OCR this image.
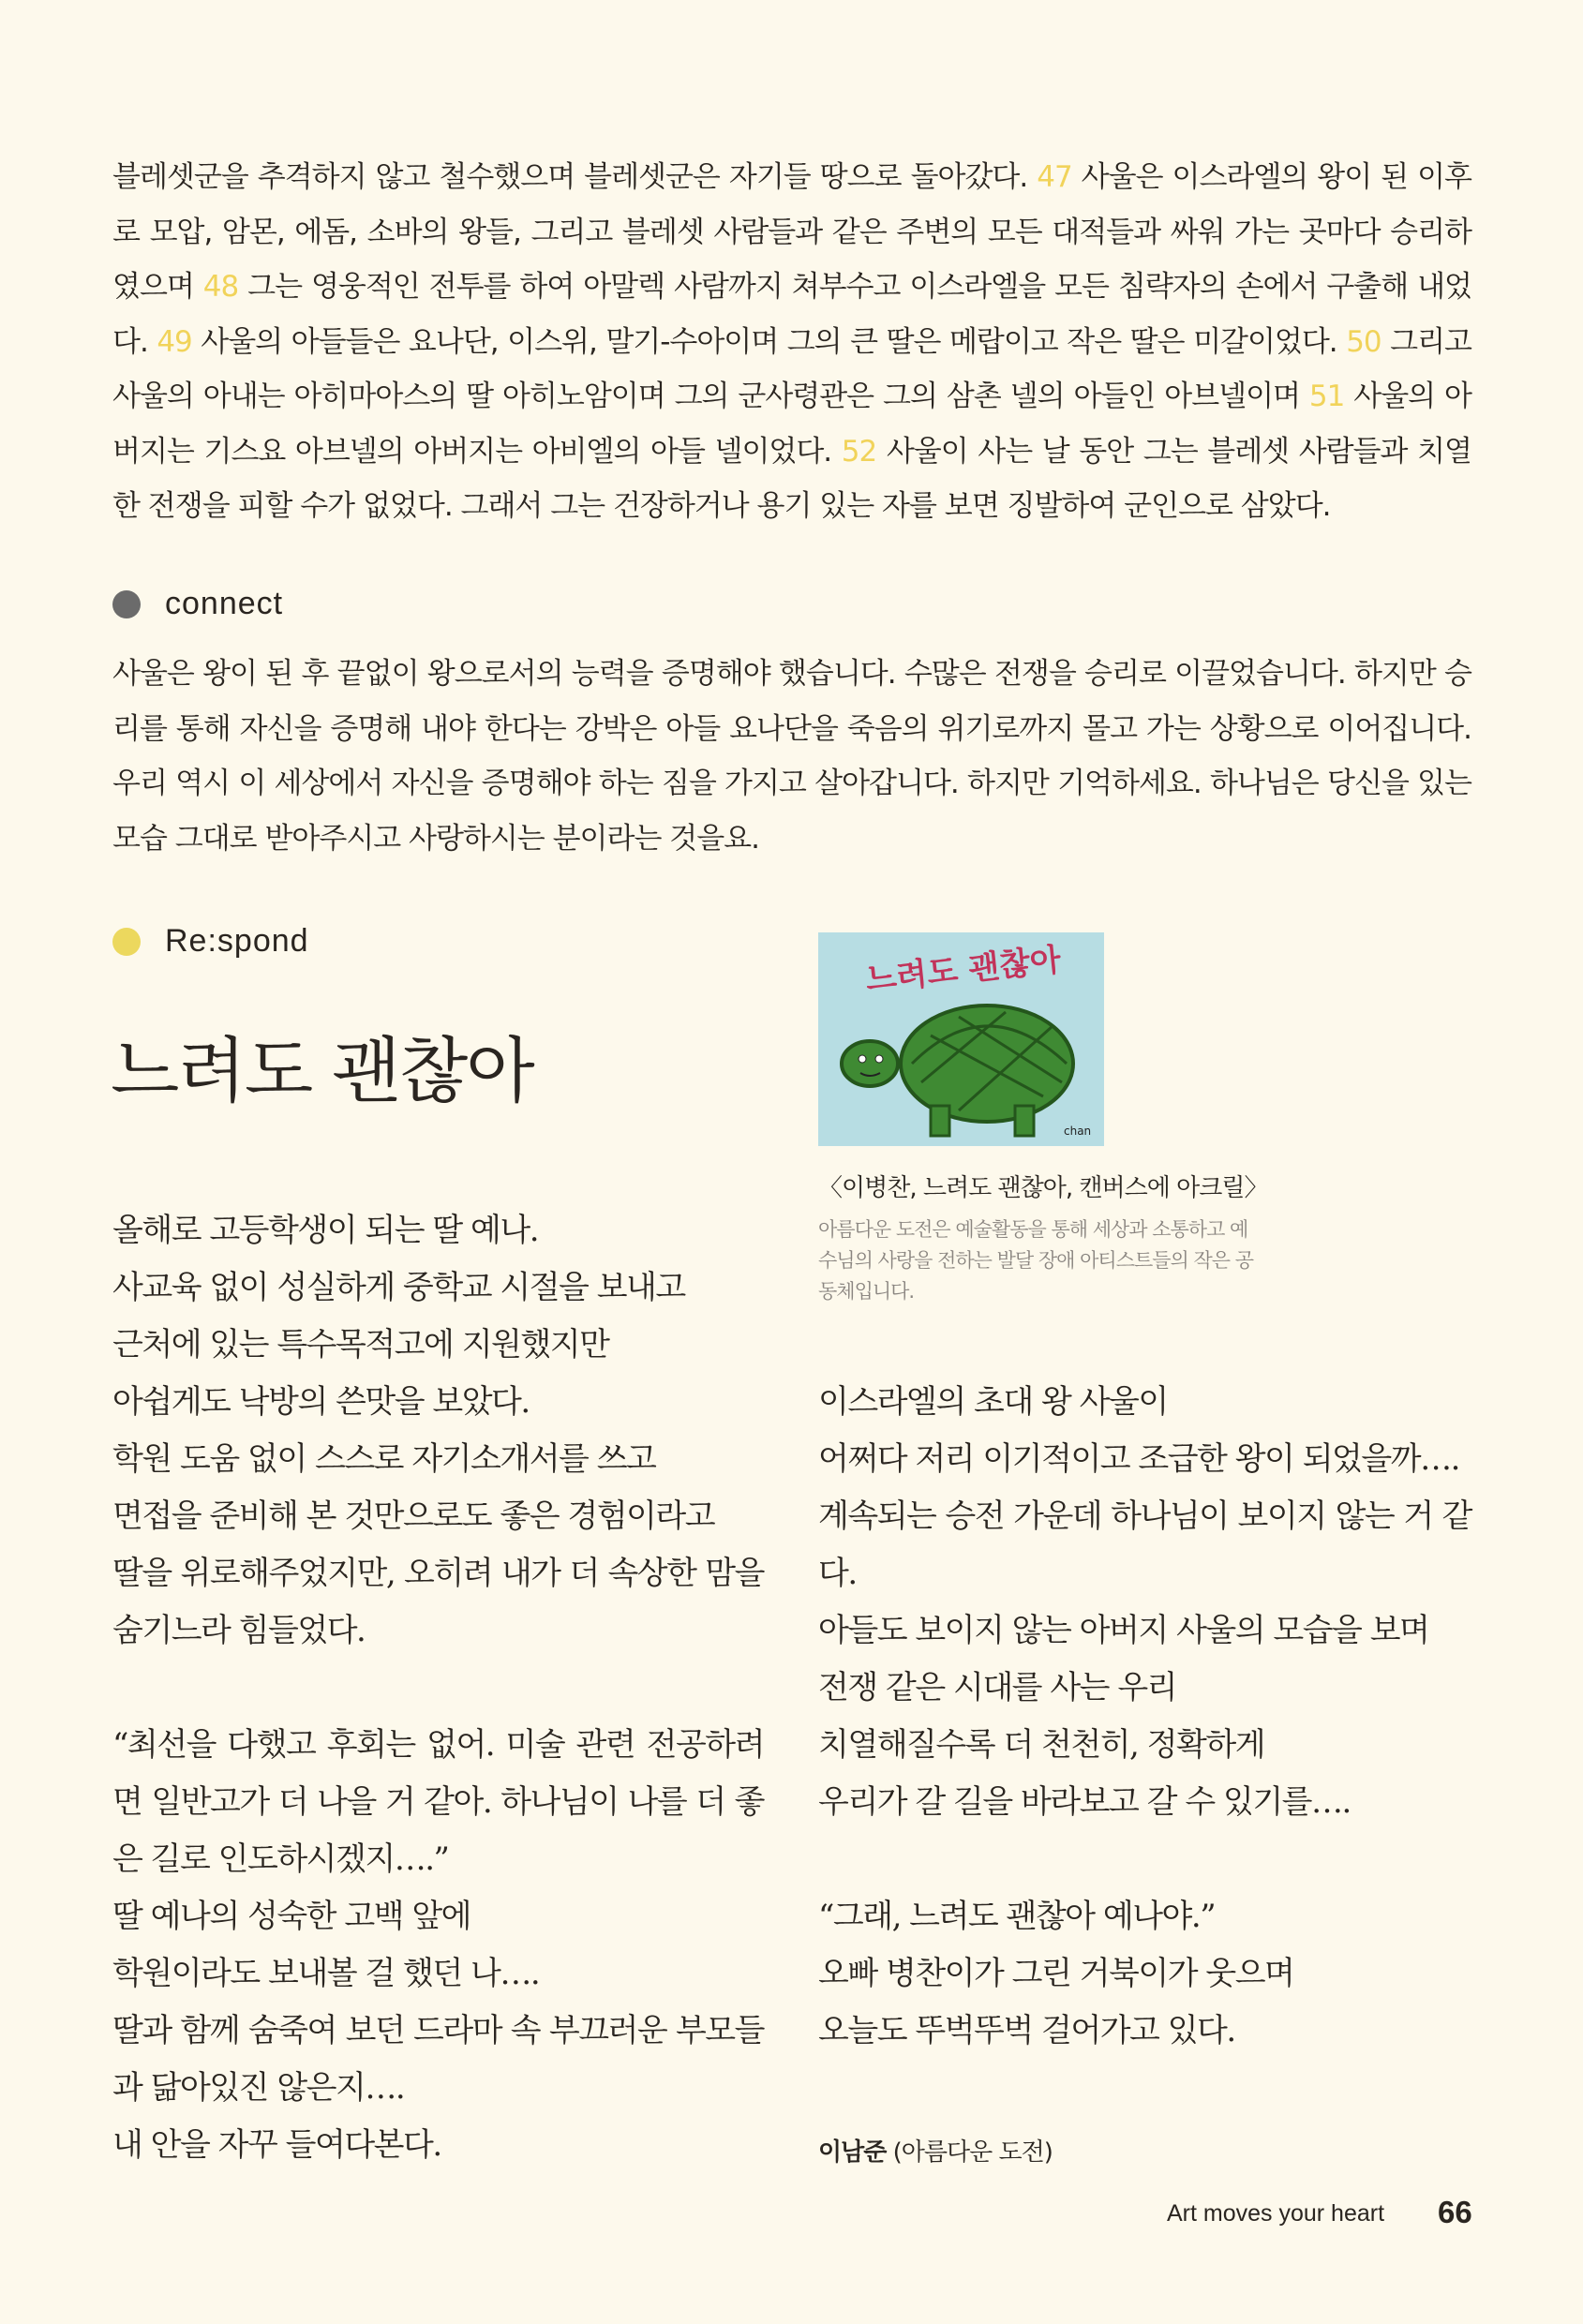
블레셋군을 추격하지 않고 철수했으며 블레셋군은 자기들 땅으로 돌아갔다. 47 사울은 이스라엘의 왕이 된 이후로 모압, 암몬, 에돔, 소바의 왕들, 그리고 블레셋 사람들과 같은 주변의 모든 대적들과 싸워 가는 곳마다 승리하였으며 48 그는 영웅적인 전투를 하여 아말렉 사람까지 쳐부수고 이스라엘을 모든 침략자의 손에서 구출해 내었다. 49 사울의 아들들은 요나단, 이스위, 말기-수아이며 그의 큰 딸은 메랍이고 작은 딸은 미갈이었다. 50 그리고 사울의 아내는 아히마아스의 딸 아히노암이며 그의 군사령관은 그의 삼촌 넬의 아들인 아브넬이며 51 사울의 아버지는 기스요 아브넬의 아버지는 아비엘의 아들 넬이었다. 52 사울이 사는 날 동안 그는 블레셋 사람들과 치열한 전쟁을 피할 수가 없었다. 그래서 그는 건장하거나 용기 있는 자를 보면 징발하여 군인으로 삼았다.
connect
사울은 왕이 된 후 끝없이 왕으로서의 능력을 증명해야 했습니다. 수많은 전쟁을 승리로 이끌었습니다. 하지만 승리를 통해 자신을 증명해 내야 한다는 강박은 아들 요나단을 죽음의 위기로까지 몰고 가는 상황으로 이어집니다. 우리 역시 이 세상에서 자신을 증명해야 하는 짐을 가지고 살아갑니다. 하지만 기억하세요. 하나님은 당신을 있는 모습 그대로 받아주시고 사랑하시는 분이라는 것을요.
Re:spond
느려도 괜찮아
느려도 괜찮아
chan
〈이병찬, 느려도 괜찮아, 캔버스에 아크릴〉
아름다운 도전은 예술활동을 통해 세상과 소통하고 예수님의 사랑을 전하는 발달 장애 아티스트들의 작은 공동체입니다.

올해로 고등학생이 되는 딸 예나.

사교육 없이 성실하게 중학교 시절을 보내고

근처에 있는 특수목적고에 지원했지만

아쉽게도 낙방의 쓴맛을 보았다.

학원 도움 없이 스스로 자기소개서를 쓰고

면접을 준비해 본 것만으로도 좋은 경험이라고

딸을 위로해주었지만, 오히려 내가 더 속상한 맘을 숨기느라 힘들었다.

“최선을 다했고 후회는 없어. 미술 관련 전공하려면 일반고가 더 나을 거 같아. 하나님이 나를 더 좋은 길로 인도하시겠지….”

딸 예나의 성숙한 고백 앞에

학원이라도 보내볼 걸 했던 나….

딸과 함께 숨죽여 보던 드라마 속 부끄러운 부모들과 닮아있진 않은지….

내 안을 자꾸 들여다본다.

이스라엘의 초대 왕 사울이

어쩌다 저리 이기적이고 조급한 왕이 되었을까….

계속되는 승전 가운데 하나님이 보이지 않는 거 같다.

아들도 보이지 않는 아버지 사울의 모습을 보며

전쟁 같은 시대를 사는 우리

치열해질수록 더 천천히, 정확하게

우리가 갈 길을 바라보고 갈 수 있기를….

“그래, 느려도 괜찮아 예나야.”

오빠 병찬이가 그린 거북이가 웃으며

오늘도 뚜벅뚜벅 걸어가고 있다.

이남준 (아름다운 도전)
Art moves your heart 66
